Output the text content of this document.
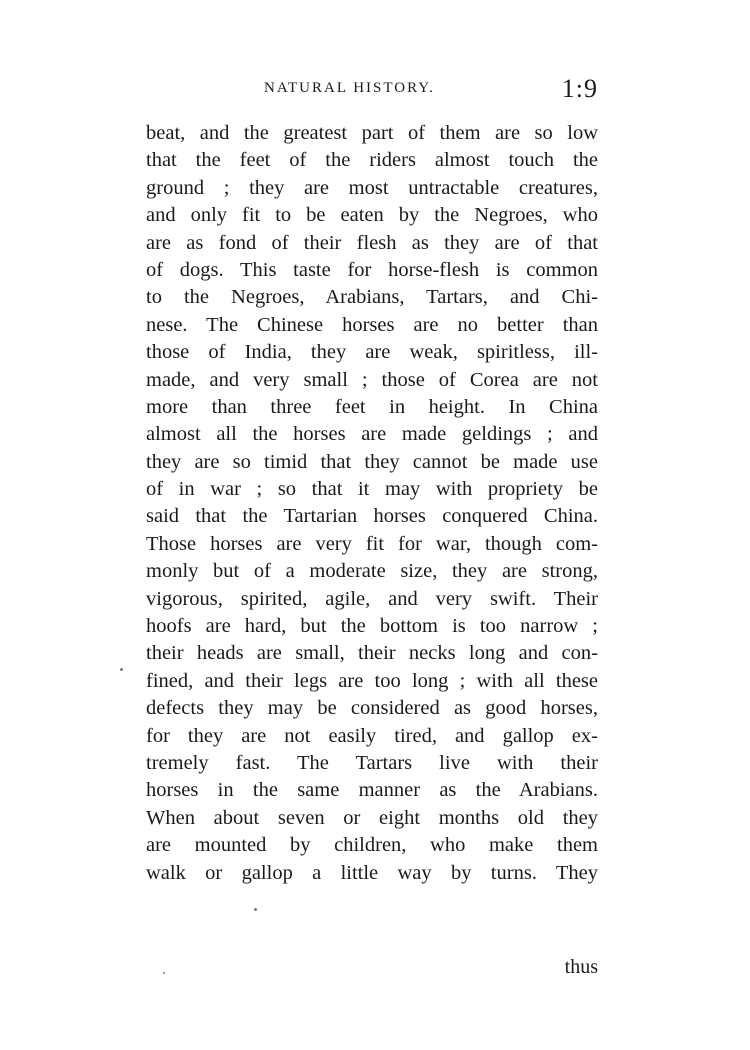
NATURAL HISTORY.	1:9
beat, and the greatest part of them are so low
that the feet of the riders almost touch the
ground ; they are most untractable creatures,
and only fit to be eaten by the Negroes, who
are as fond of their flesh as they are of that
of dogs. This taste for horse-flesh is common
to the Negroes, Arabians, Tartars, and Chi-
nese. The Chinese horses are no better than
those of India, they are weak, spiritless, ill-
made, and very small ; those of Corea are not
more than three feet in height. In China
almost all the horses are made geldings ; and
they are so timid that they cannot be made use
of in war ; so that it may with propriety be
said that the Tartarian horses conquered China.
Those horses are very fit for war, though com-
monly but of a moderate size, they are strong,
vigorous, spirited, agile, and very swift. Their
hoofs are hard, but the bottom is too narrow ;
their heads are small, their necks long and con-
fined, and their legs are too long ; with all these
defects they may be considered as good horses,
for they are not easily tired, and gallop ex-
tremely fast. The Tartars live with their
horses in the same manner as the Arabians.
When about seven or eight months old they
are mounted by children, who make them
walk or gallop a little way by turns. They
thus
